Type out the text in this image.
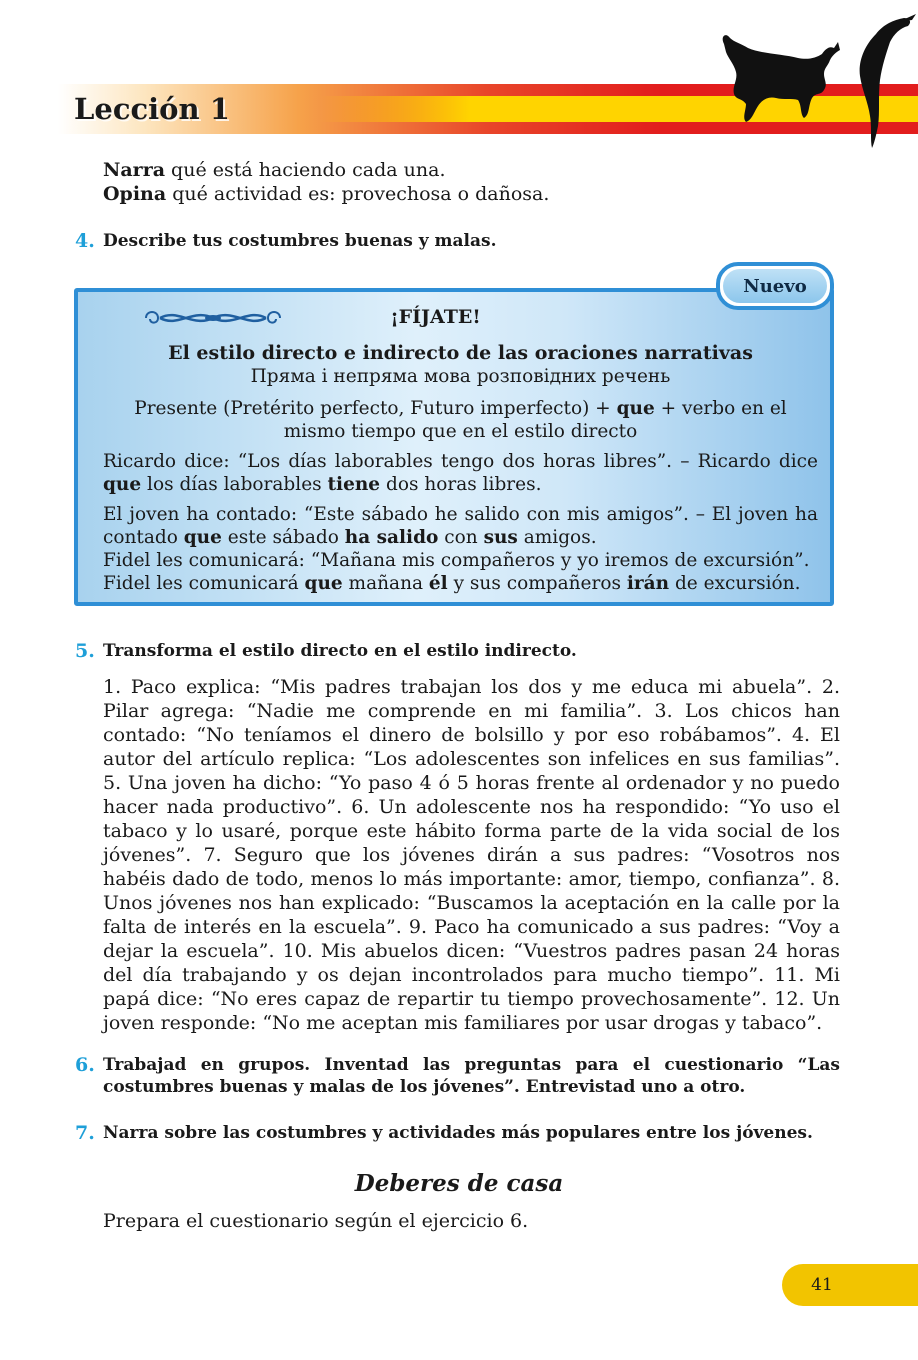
Lección 1

Narra qué está haciendo cada una.

Opina qué actividad es: provechosa o dañosa.

4. Describe tus costumbres buenas y malas.
¡FÍJATE!
El estilo directo e indirecto de las oraciones narrativas
Пряма і непряма мова розповідних речень
Presente (Pretérito perfecto, Futuro imperfecto) + que + verbo en el mismo tiempo que en el estilo directo
Ricardo dice: “Los días laborables tengo dos horas libres”. – Ricardo dice que los días laborables tiene dos horas libres.
El joven ha contado: “Este sábado he salido con mis amigos”. – El joven ha contado que este sábado ha salido con sus amigos.
Fidel les comunicará: “Mañana mis compañeros y yo iremos de excursión”.
Fidel les comunicará que mañana él y sus compañeros irán de excursión.
Nuevo
5. Transforma el estilo directo en el estilo indirecto.
1. Paco explica: “Mis padres trabajan los dos y me educa mi abuela”. 2. Pilar agrega: “Nadie me comprende en mi familia”. 3. Los chicos han contado: “No teníamos el dinero de bolsillo y por eso robábamos”. 4. El autor del artículo replica: “Los adolescentes son infelices en sus familias”. 5. Una joven ha dicho: “Yo paso 4 ó 5 horas frente al ordenador y no puedo hacer nada productivo”. 6. Un adolescente nos ha respondido: “Yo uso el tabaco y lo usaré, porque este hábito forma parte de la vida social de los jóvenes”. 7. Seguro que los jóvenes dirán a sus padres: “Vosotros nos habéis dado de todo, menos lo más importante: amor, tiempo, confianza”. 8. Unos jóvenes nos han explicado: “Buscamos la aceptación en la calle por la falta de interés en la escuela”. 9. Paco ha comunicado a sus padres: “Voy a dejar la escuela”. 10. Mis abuelos dicen: “Vuestros padres pasan 24 horas del día trabajando y os dejan incontrolados para mucho tiempo”. 11. Mi papá dice: “No eres capaz de repartir tu tiempo provechosamente”. 12. Un joven responde: “No me aceptan mis familiares por usar drogas y tabaco”.
6. Trabajad en grupos. Inventad las preguntas para el cuestionario “Las costumbres buenas y malas de los jóvenes”. Entrevistad uno a otro.
7. Narra sobre las costumbres y actividades más populares entre los jóvenes.
Deberes de casa
Prepara el cuestionario según el ejercicio 6.
41
